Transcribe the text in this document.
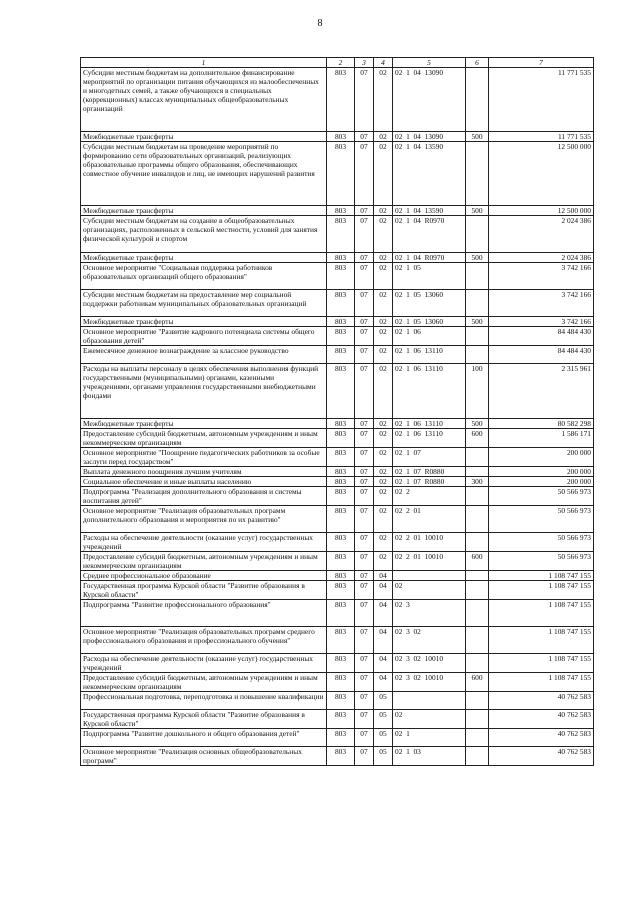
8
1	2	3	4	5	6	7
Субсидии местным бюджетам на дополнительное финансирование мероприятий по организации питания обучающихся из малообеспеченных и многодетных семей, а также обучающихся в специальных (коррекционных) классах муниципальных общеобразовательных организаций	803	07	02	02  1  04  13090		11 771 535
Межбюджетные трансферты	803	07	02	02  1  04  13090	500	11 771 535
Субсидии местным бюджетам на проведение мероприятий по формированию сети образовательных организаций, реализующих образовательные программы общего образования, обеспечивающих совместное обучение инвалидов и лиц, не имеющих нарушений развития	803	07	02	02  1  04  13590		12 500 000
Межбюджетные трансферты	803	07	02	02  1  04  13590	500	12 500 000
Субсидии местным бюджетам на создание в общеобразовательных организациях, расположенных в сельской местности, условий для занятия физической культурой и спортом	803	07	02	02  1  04  R0970		2 024 386
Межбюджетные трансферты	803	07	02	02  1  04  R0970	500	2 024 386
Основное мероприятие "Социальная поддержка работников образовательных организаций общего образования"	803	07	02	02  1  05		3 742 166
Субсидии местным бюджетам на предоставление мер социальной поддержки работникам муниципальных образовательных организаций	803	07	02	02  1  05  13060		3 742 166
Межбюджетные трансферты	803	07	02	02  1  05  13060	500	3 742 166
Основное мероприятие "Развитие кадрового потенциала системы общего образования детей"	803	07	02	02  1  06		84 484 430
Ежемесячное денежное вознаграждение за классное руководство	803	07	02	02  1  06  13110		84 484 430
Расходы на выплаты персоналу в целях обеспечения выполнения функций государственными (муниципальными) органами, казенными учреждениями, органами управления государственными внебюджетными фондами	803	07	02	02  1  06  13110	100	2 315 961
Межбюджетные трансферты	803	07	02	02  1  06  13110	500	80 582 298
Предоставление субсидий бюджетным, автономным учреждениям и иным некоммерческим организациям	803	07	02	02  1  06  13110	600	1 586 171
Основное мероприятие "Поощрение педагогических работников за особые заслуги перед государством"	803	07	02	02  1  07		200 000
Выплата денежного поощрения лучшим учителям	803	07	02	02  1  07  R0880		200 000
Социальное обеспечение и иные выплаты населению	803	07	02	02  1  07  R0880	300	200 000
Подпрограмма "Реализация дополнительного образования и системы воспитания детей"	803	07	02	02  2		50 566 973
Основное мероприятие "Реализация образовательных программ дополнительного образования и мероприятия по их развитию"	803	07	02	02  2  01		50 566 973
Расходы на обеспечение деятельности (оказание услуг) государственных учреждений	803	07	02	02  2  01  10010		50 566 973
Предоставление субсидий бюджетным, автономным учреждениям и иным некоммерческим организациям	803	07	02	02  2  01  10010	600	50 566 973
Среднее профессиональное образование	803	07	04			1 108 747 155
Государственная программа Курской области "Развитие образования в Курской области"	803	07	04	02		1 108 747 155
Подпрограмма "Развитие профессионального образования"	803	07	04	02  3		1 108 747 155
Основное мероприятие "Реализация образовательных программ среднего профессионального образования и профессионального обучения"	803	07	04	02  3  02		1 108 747 155
Расходы на обеспечение деятельности (оказание услуг) государственных учреждений	803	07	04	02  3  02  10010		1 108 747 155
Предоставление субсидий бюджетным, автономным учреждениям и иным некоммерческим организациям	803	07	04	02  3  02  10010	600	1 108 747 155
Профессиональная подготовка, переподготовка и повышение квалификации	803	07	05			40 762 583
Государственная программа Курской области "Развитие образования в Курской области"	803	07	05	02		40 762 583
Подпрограмма "Развитие дошкольного и общего образования детей"	803	07	05	02  1		40 762 583
Основное мероприятие "Реализация основных общеобразовательных программ"	803	07	05	02  1  03		40 762 583
